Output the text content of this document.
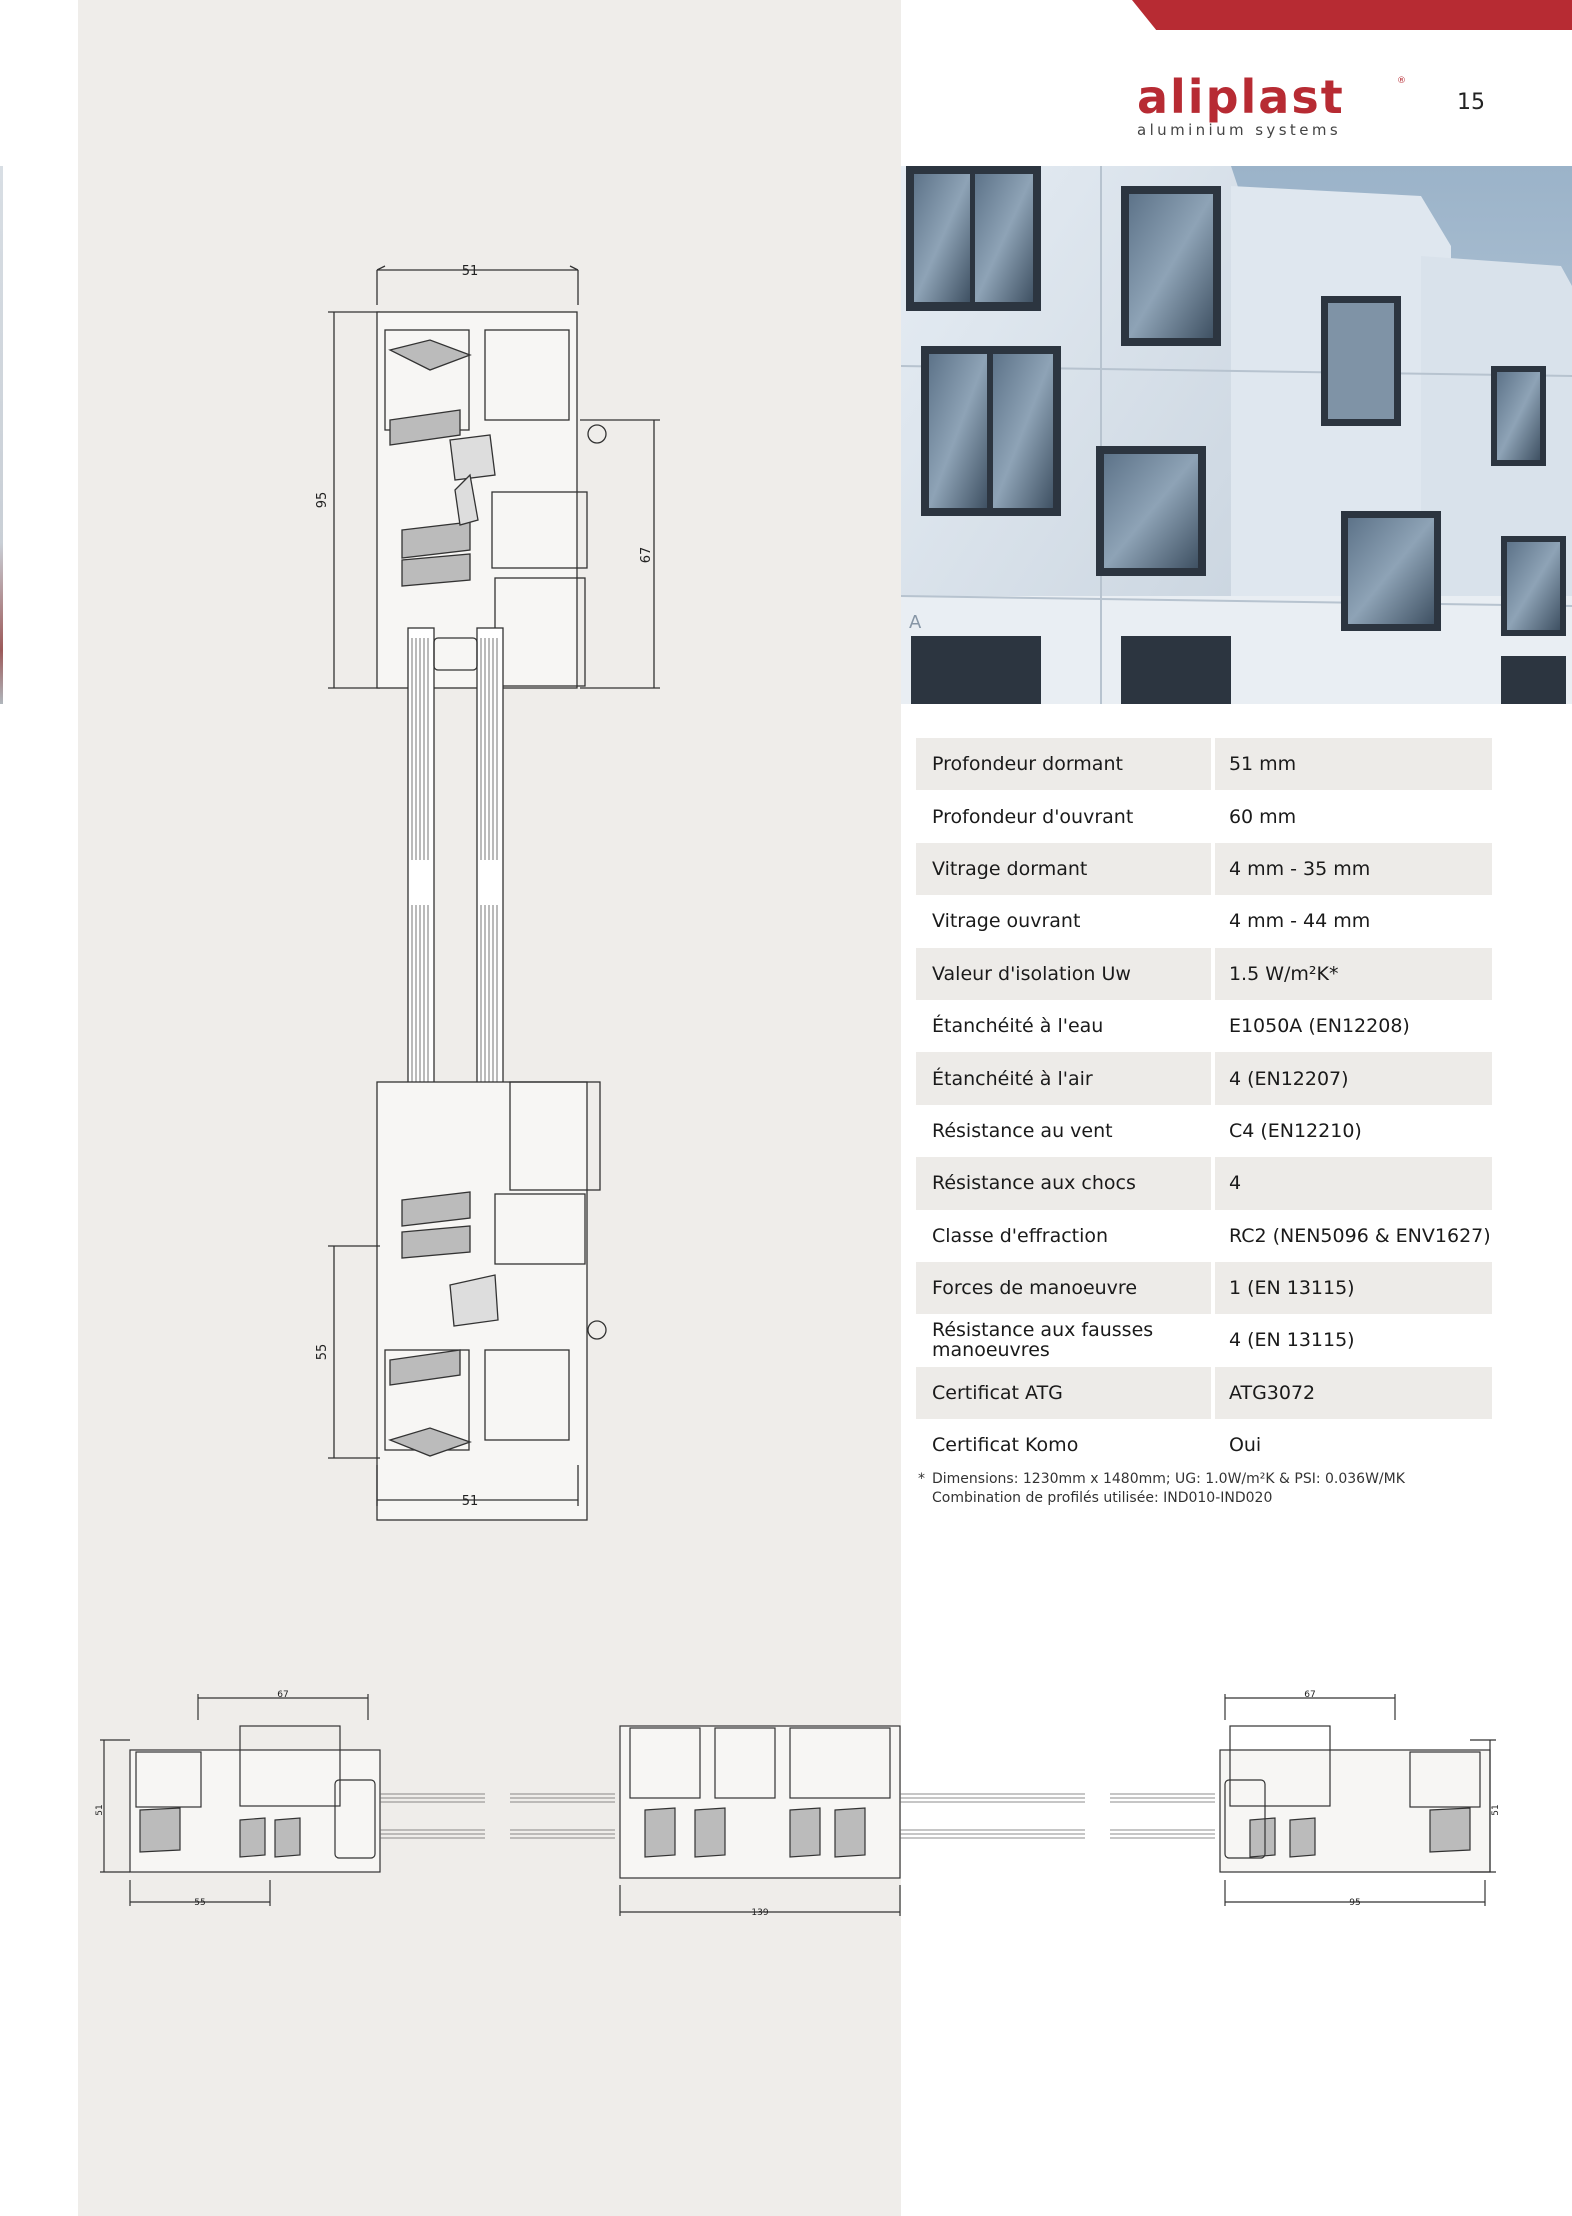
aliplast	®
aluminium systems
15
A
Profondeur dormant	51 mm
Profondeur d'ouvrant	60 mm
Vitrage dormant	4 mm - 35 mm
Vitrage ouvrant	4 mm - 44 mm
Valeur d'isolation Uw	1.5 W/m²K*
Étanchéité à l'eau	E1050A (EN12208)
Étanchéité à l'air	4 (EN12207)
Résistance au vent	C4 (EN12210)
Résistance aux chocs	4
Classe d'effraction	RC2 (NEN5096 & ENV1627)
Forces de manoeuvre	1 (EN 13115)
Résistance aux fausses manoeuvres	4 (EN 13115)
Certificat ATG	ATG3072
Certificat Komo	Oui
* Dimensions: 1230mm x 1480mm; UG: 1.0W/m²K & PSI: 0.036W/MK
Combination de profilés utilisée: IND010-IND020
51
95
67
55
51
67
51
55
139
67
51
95
